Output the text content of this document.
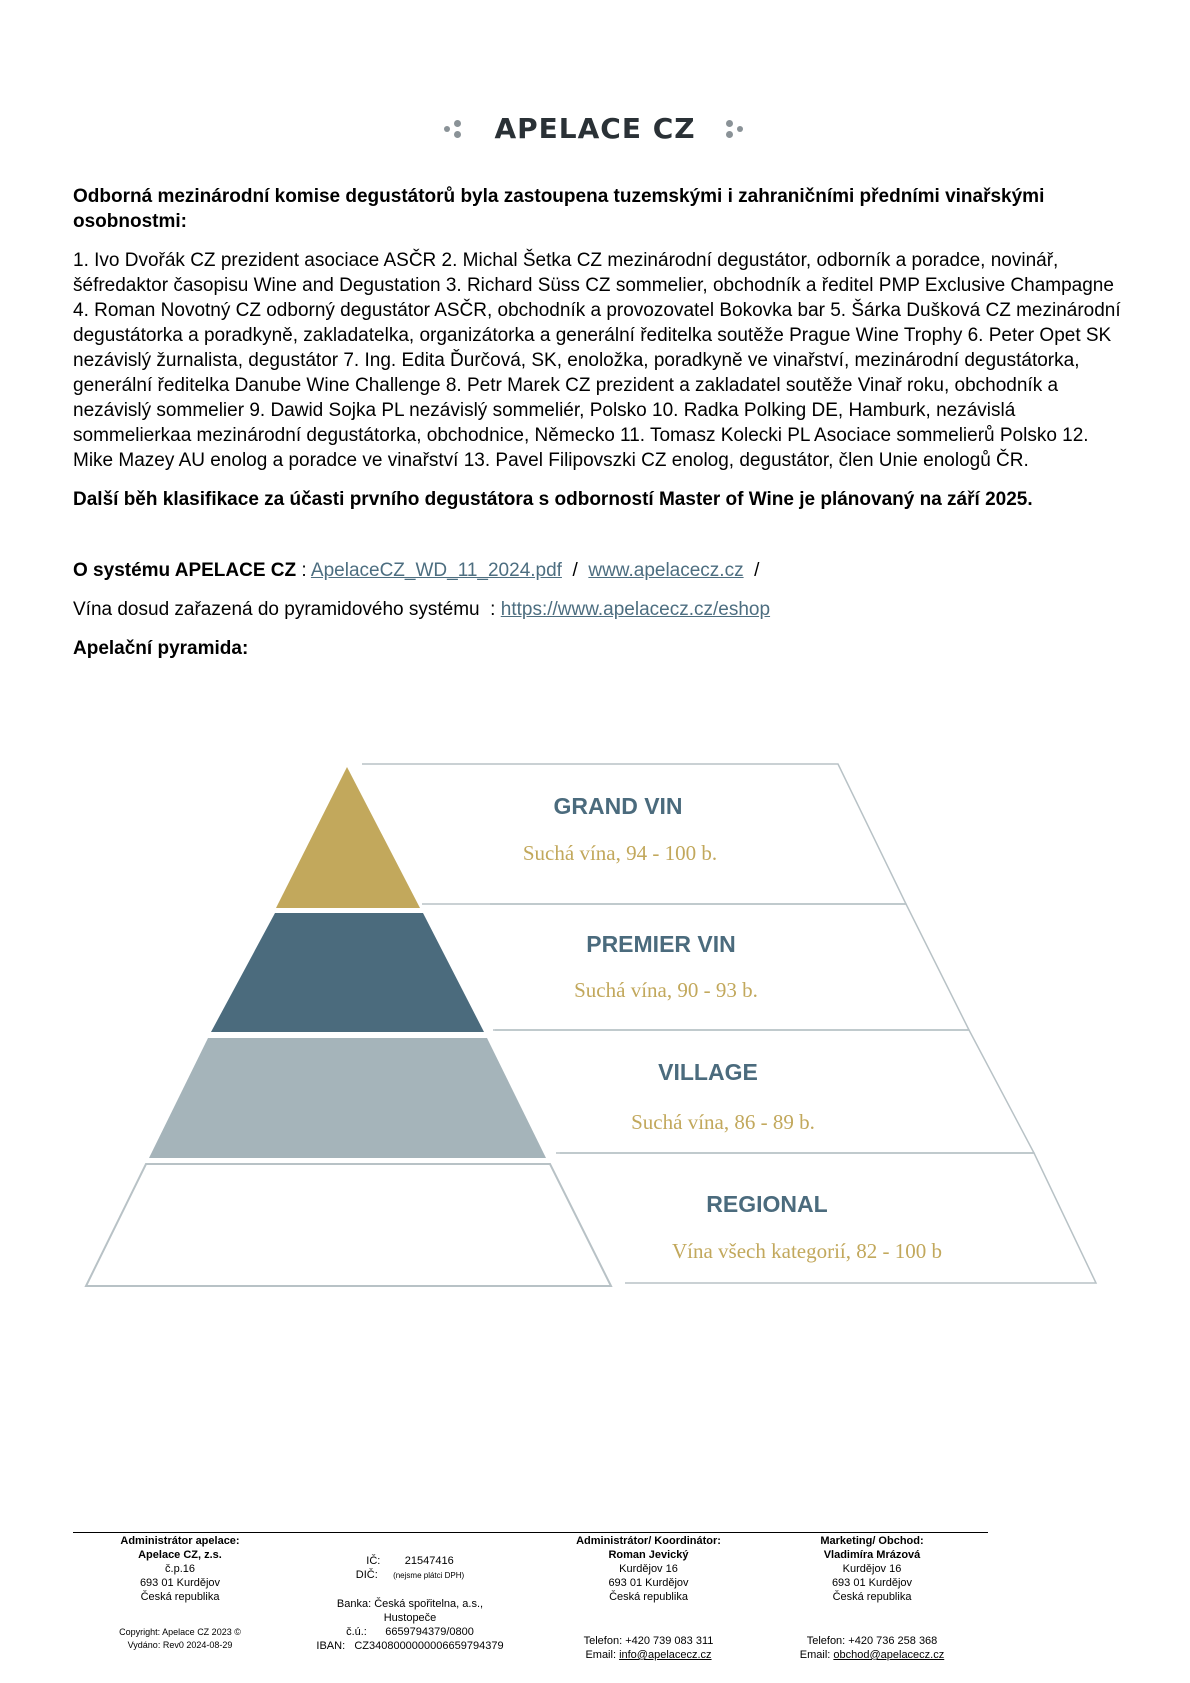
APELACE CZ

Odborná mezinárodní komise degustátorů byla zastoupena tuzemskými i zahraničními předními vinařskými osobnostmi:

1. Ivo Dvořák CZ prezident asociace ASČR 2. Michal Šetka CZ mezinárodní degustátor, odborník a poradce, novinář, šéfredaktor časopisu Wine and Degustation 3. Richard Süss CZ sommelier, obchodník a ředitel PMP Exclusive Champagne 4. Roman Novotný CZ odborný degustátor ASČR, obchodník a provozovatel Bokovka bar 5. Šárka Dušková CZ mezinárodní degustátorka a poradkyně, zakladatelka, organizátorka a generální ředitelka soutěže Prague Wine Trophy 6. Peter Opet SK nezávislý žurnalista, degustátor 7. Ing. Edita Ďurčová, SK, enoložka, poradkyně ve vinařství, mezinárodní degustátorka, generální ředitelka Danube Wine Challenge 8. Petr Marek CZ prezident a zakladatel soutěže Vinař roku, obchodník a nezávislý sommelier 9. Dawid Sojka PL nezávislý sommeliér, Polsko 10. Radka Polking DE, Hamburk, nezávislá sommelierkaa mezinárodní degustátorka, obchodnice, Německo 11. Tomasz Kolecki PL Asociace sommelierů Polsko 12. Mike Mazey AU enolog a poradce ve vinařství 13. Pavel Filipovszki CZ enolog, degustátor, člen Unie enologů ČR.

Další běh klasifikace za účasti prvního degustátora s odborností Master of Wine je plánovaný na září 2025.

O systému APELACE CZ : ApelaceCZ_WD_11_2024.pdf  /  www.apelacecz.cz  /

Vína dosud zařazená do pyramidového systému  : https://www.apelacecz.cz/eshop

Apelační pyramida:

GRAND VIN
PREMIER VIN
VILLAGE
REGIONAL
Suchá vína, 94 - 100 b.
Suchá vína, 90 - 93 b.
Suchá vína, 86 - 89 b.
Vína všech kategorií, 82 - 100 b
Administrátor apelace:
Apelace CZ, z.s.
č.p.16
693 01 Kurdějov
Česká republika
Copyright: Apelace CZ 2023 ©
Vydáno: Rev0 2024-08-29
IČ: 21547416
DIČ: (nejsme plátci DPH)
Banka: Česká spořitelna, a.s.,
Hustopeče
č.ú.: 6659794379/0800
IBAN: CZ3408000000006659794379
Administrátor/ Koordinátor:
Roman Jevický
Kurdějov 16
693 01 Kurdějov
Česká republika
Telefon: +420 739 083 311
Email: info@apelacecz.cz
Marketing/ Obchod:
Vladimíra Mrázová
Kurdějov 16
693 01 Kurdějov
Česká republika
Telefon: +420 736 258 368
Email: obchod@apelacecz.cz
